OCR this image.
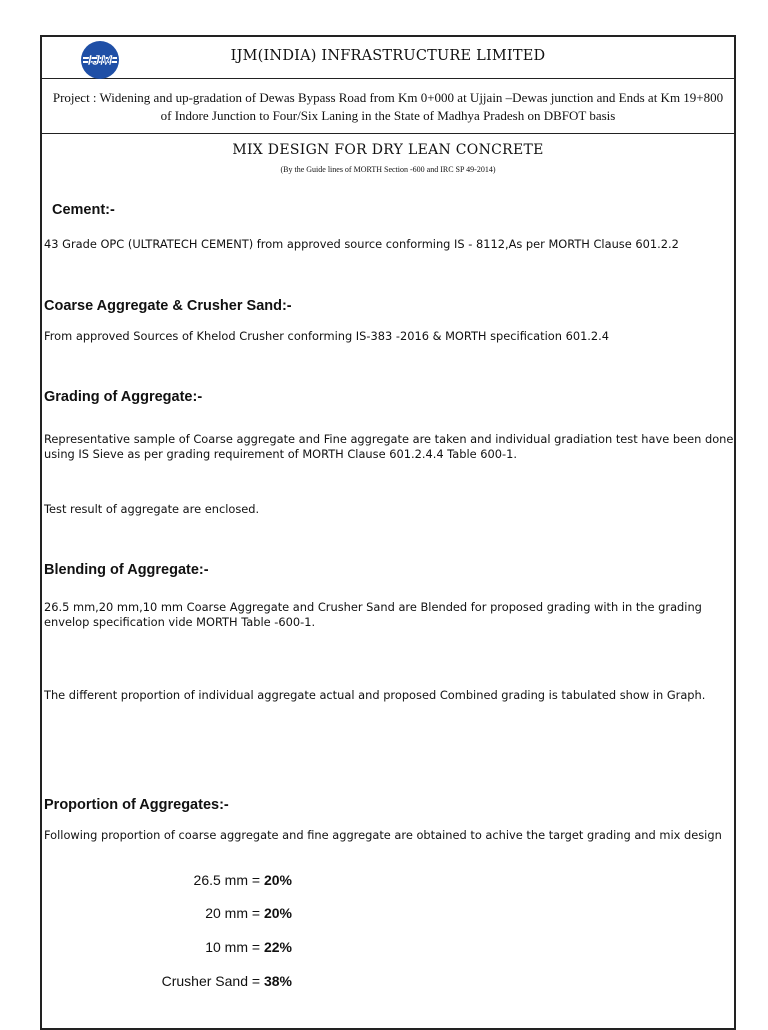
IJM	IJM(INDIA) INFRASTRUCTURE LIMITED
Project : Widening and up-gradation of Dewas Bypass Road from Km 0+000 at Ujjain –Dewas junction and Ends at Km 19+800 of Indore Junction to Four/Six Laning in the State of Madhya Pradesh on DBFOT basis
MIX DESIGN FOR DRY LEAN CONCRETE
(By the Guide lines of MORTH Section -600 and IRC SP 49-2014)
Cement:-
43 Grade OPC (ULTRATECH CEMENT) from approved source conforming IS - 8112,As per MORTH Clause 601.2.2
Coarse Aggregate & Crusher Sand:-
From approved Sources of Khelod Crusher conforming IS-383 -2016 & MORTH specification 601.2.4
Grading of Aggregate:-
Representative sample of Coarse aggregate and Fine aggregate are taken and individual gradiation test have been done using IS Sieve as per grading requirement of MORTH Clause 601.2.4.4 Table 600-1.
Test result of aggregate are enclosed.
Blending of Aggregate:-
26.5 mm,20 mm,10 mm Coarse Aggregate and Crusher Sand are Blended for proposed grading with in the grading envelop specification vide MORTH Table -600-1.
The different proportion of individual aggregate actual and proposed Combined grading is tabulated show in Graph.
Proportion of Aggregates:-
Following proportion of coarse aggregate and fine aggregate are obtained to achive the target grading and mix design
26.5 mm = 20%
20 mm = 20%
10 mm = 22%
Crusher Sand = 38%
